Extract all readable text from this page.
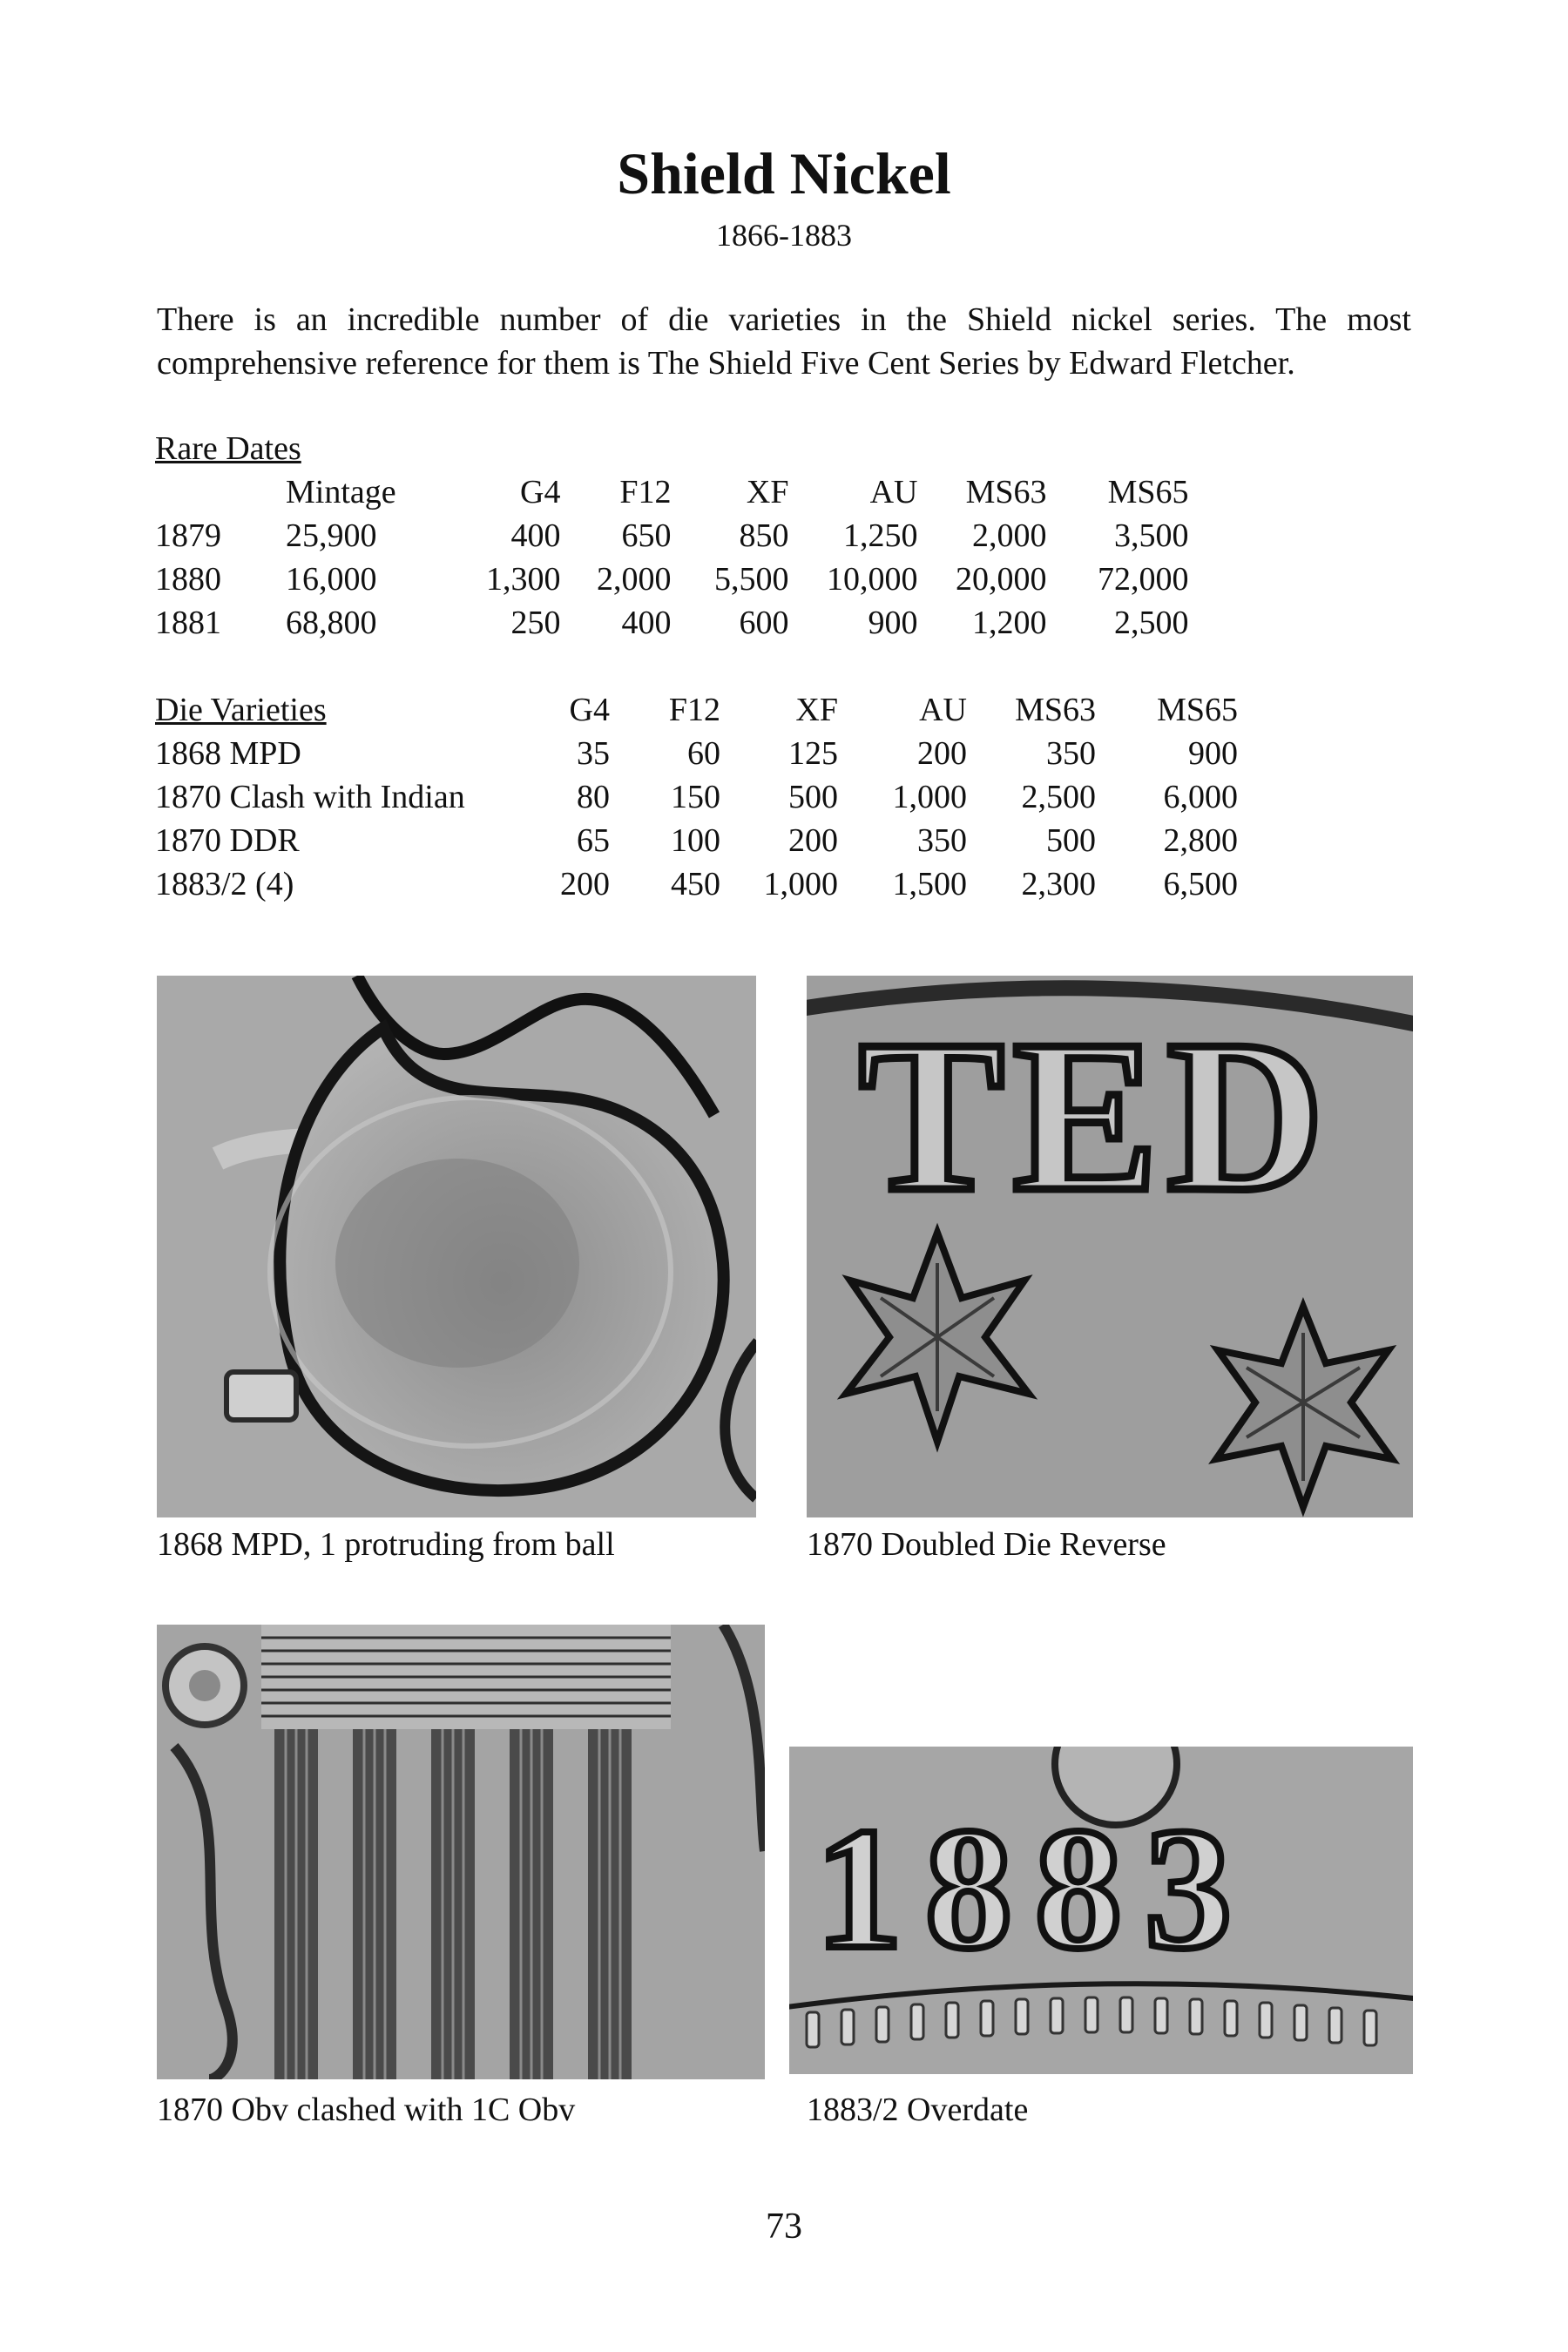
Shield Nickel
1866-1883

There is an incredible number of die varieties in the Shield nickel series. The most
comprehensive reference for them is The Shield Five Cent Series by Edward Fletcher.

Rare Dates							
	Mintage	G4	F12	XF	AU	MS63	MS65
1879	25,900	400	650	850	1,250	2,000	3,500
1880	16,000	1,300	2,000	5,500	10,000	20,000	72,000
1881	68,800	250	400	600	900	1,200	2,500
Die Varieties	G4	F12	XF	AU	MS63	MS65
1868 MPD	35	60	125	200	350	900
1870 Clash with Indian	80	150	500	1,000	2,500	6,000
1870 DDR	65	100	200	350	500	2,800
1883/2 (4)	200	450	1,000	1,500	2,300	6,500
1868 MPD, 1 protruding from ball
TED
1870 Doubled Die Reverse
1870 Obv clashed with 1C Obv
1883
1883/2 Overdate
73
